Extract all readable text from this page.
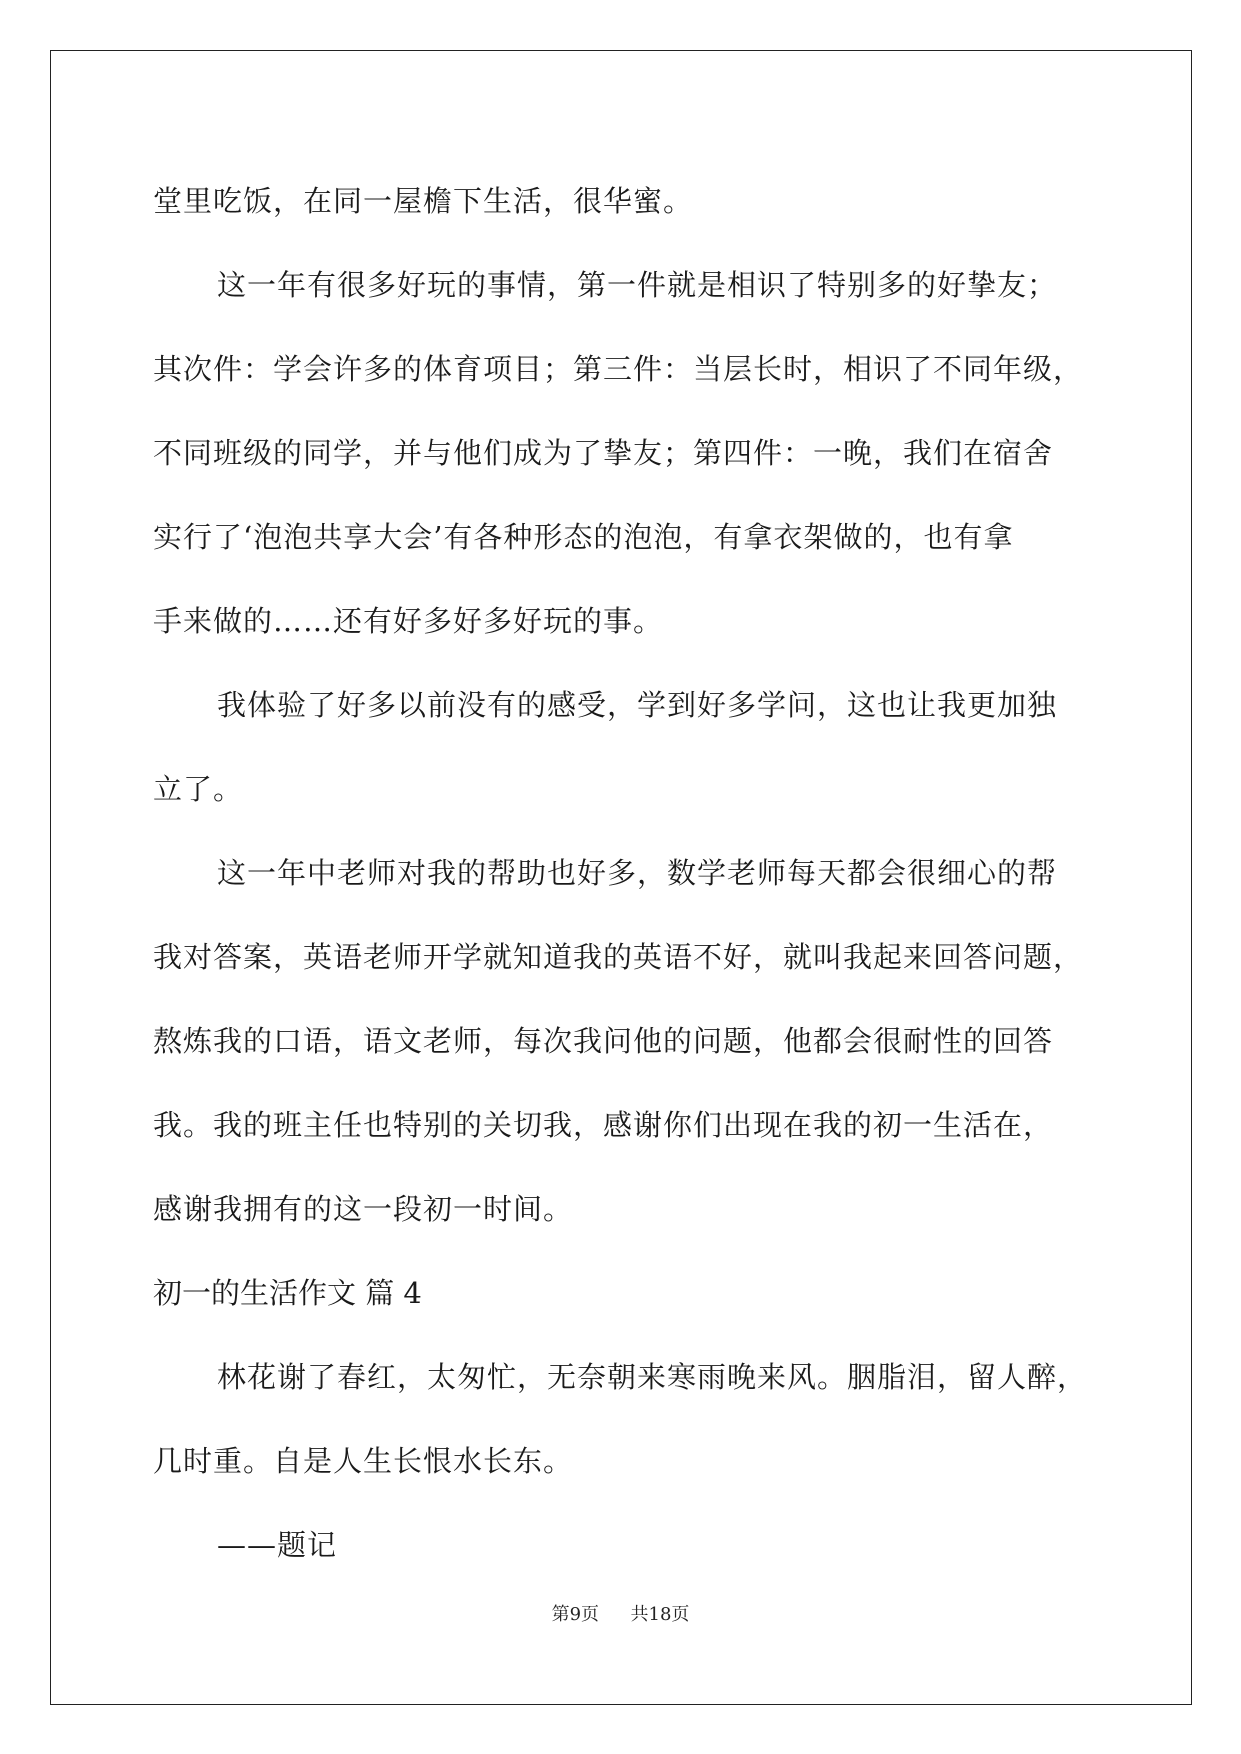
堂里吃饭，在同一屋檐下生活，很华蜜。
这一年有很多好玩的事情，第一件就是相识了特别多的好挚友；
其次件：学会许多的体育项目；第三件：当层长时，相识了不同年级，
不同班级的同学，并与他们成为了挚友；第四件：一晚，我们在宿舍
实行了‘泡泡共享大会’有各种形态的泡泡，有拿衣架做的，也有拿
手来做的……还有好多好多好玩的事。
我体验了好多以前没有的感受，学到好多学问，这也让我更加独
立了。
这一年中老师对我的帮助也好多，数学老师每天都会很细心的帮
我对答案，英语老师开学就知道我的英语不好，就叫我起来回答问题，
熬炼我的口语，语文老师，每次我问他的问题，他都会很耐性的回答
我。我的班主任也特别的关切我，感谢你们出现在我的初一生活在，
感谢我拥有的这一段初一时间。
初一的生活作文 篇 4
林花谢了春红，太匆忙，无奈朝来寒雨晚来风。胭脂泪，留人醉，
几时重。自是人生长恨水长东。
——题记
第9页 共18页
